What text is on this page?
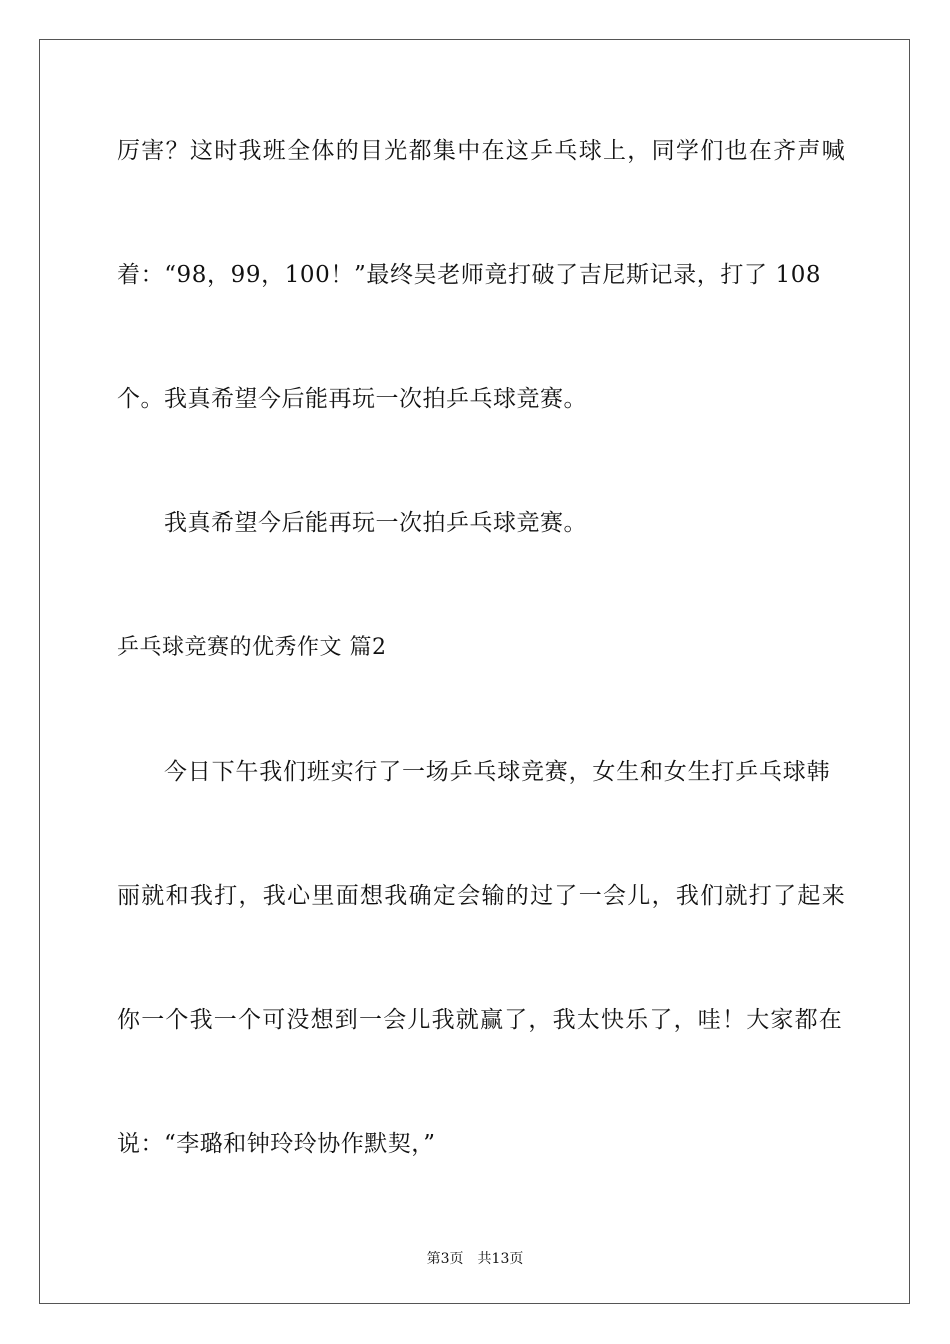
厉害？这时我班全体的目光都集中在这乒乓球上，同学们也在齐声喊
着：“98，99，100！”最终吴老师竟打破了吉尼斯记录，打了 108
个。我真希望今后能再玩一次拍乒乓球竞赛。
我真希望今后能再玩一次拍乒乓球竞赛。
乒乓球竞赛的优秀作文 篇2
今日下午我们班实行了一场乒乓球竞赛，女生和女生打乒乓球韩
丽就和我打，我心里面想我确定会输的过了一会儿，我们就打了起来
你一个我一个可没想到一会儿我就赢了，我太快乐了，哇！大家都在
说：“李璐和钟玲玲协作默契，”
第3页 共13页
